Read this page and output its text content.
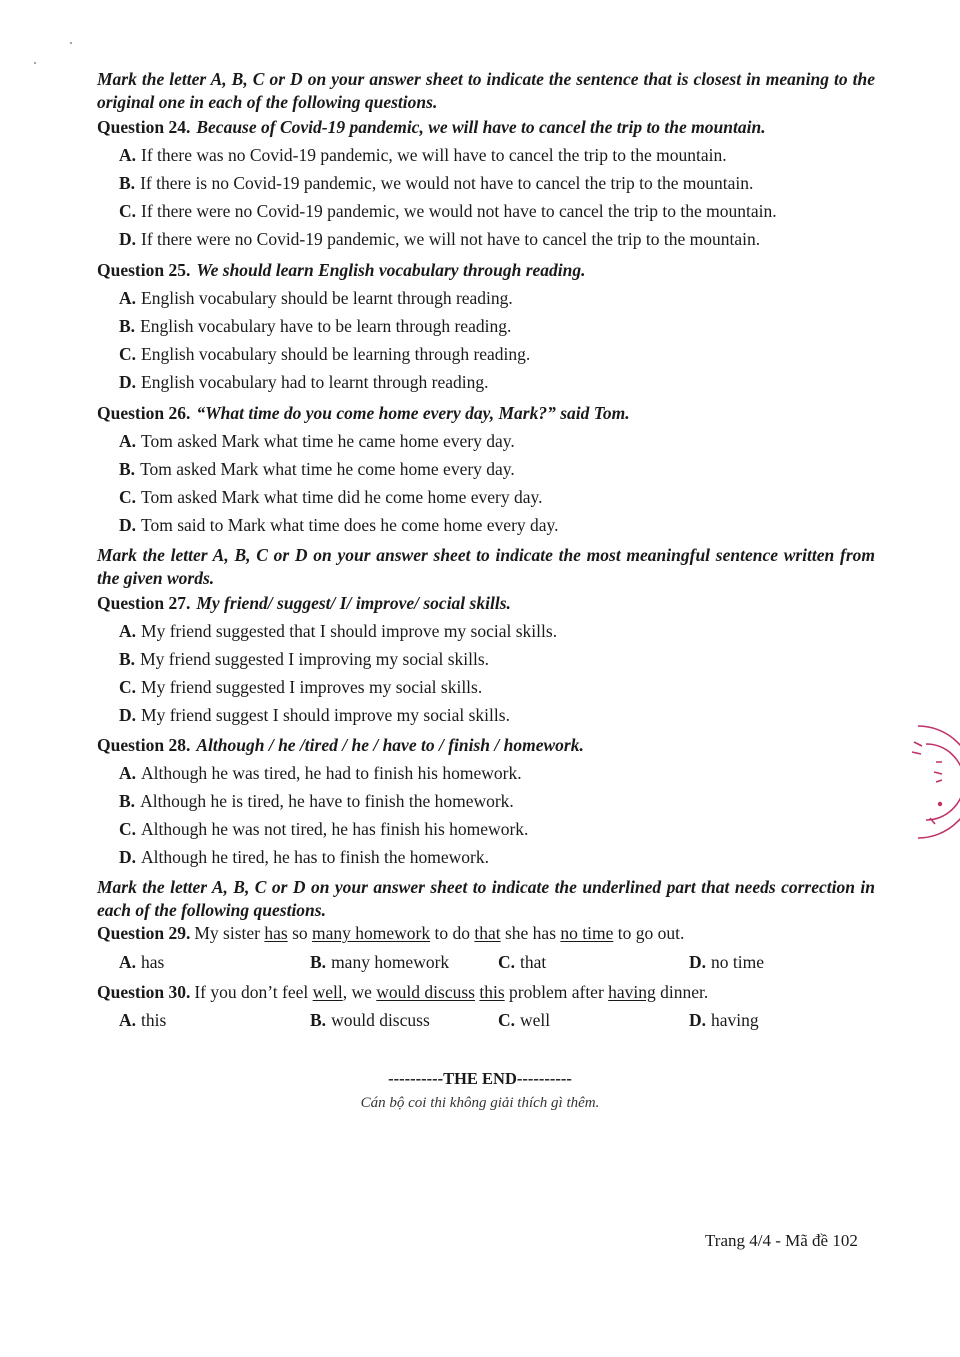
Mark the letter A, B, C or D on your answer sheet to indicate the sentence that is closest in meaning to the original one in each of the following questions.
Question 24. Because of Covid-19 pandemic, we will have to cancel the trip to the mountain.
A. If there was no Covid-19 pandemic, we will have to cancel the trip to the mountain.
B. If there is no Covid-19 pandemic, we would not have to cancel the trip to the mountain.
C. If there were no Covid-19 pandemic, we would not have to cancel the trip to the mountain.
D. If there were no Covid-19 pandemic, we will not have to cancel the trip to the mountain.
Question 25. We should learn English vocabulary through reading.
A. English vocabulary should be learnt through reading.
B. English vocabulary have to be learn through reading.
C. English vocabulary should be learning through reading.
D. English vocabulary had to learnt through reading.
Question 26. “What time do you come home every day, Mark?” said Tom.
A. Tom asked Mark what time he came home every day.
B. Tom asked Mark what time he come home every day.
C. Tom asked Mark what time did he come home every day.
D. Tom said to Mark what time does he come home every day.
Mark the letter A, B, C or D on your answer sheet to indicate the most meaningful sentence written from the given words.
Question 27. My friend/ suggest/ I/ improve/ social skills.
A. My friend suggested that I should improve my social skills.
B. My friend suggested I improving my social skills.
C. My friend suggested I improves my social skills.
D. My friend suggest I should improve my social skills.
Question 28. Although / he /tired / he / have to / finish / homework.
A. Although he was tired, he had to finish his homework.
B. Although he is tired, he have to finish the homework.
C. Although he was not tired, he has finish his homework.
D. Although he tired, he has to finish the homework.
Mark the letter A, B, C or D on your answer sheet to indicate the underlined part that needs correction in each of the following questions.
Question 29. My sister has so many homework to do that she has no time to go out.
A. has	B. many homework	C. that	D. no time
Question 30. If you don’t feel well, we would discuss this problem after having dinner.
A. this	B. would discuss	C. well	D. having
----------THE END----------
Cán bộ coi thi không giải thích gì thêm.
Trang 4/4 - Mã đề 102
